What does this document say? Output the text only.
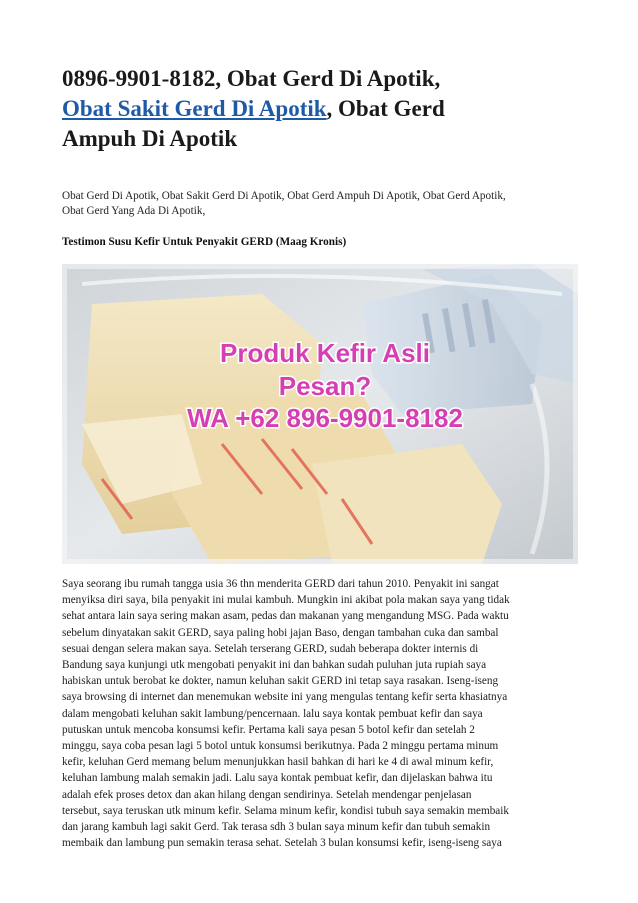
0896-9901-8182, Obat Gerd Di Apotik,
Obat Sakit Gerd Di Apotik, Obat Gerd
Ampuh Di Apotik

Obat Gerd Di Apotik, Obat Sakit Gerd Di Apotik, Obat Gerd Ampuh Di Apotik, Obat Gerd Apotik,
Obat Gerd Yang Ada Di Apotik,

Testimon Susu Kefir Untuk Penyakit GERD (Maag Kronis)

Produk Kefir Asli
Pesan?
WA +62 896-9901-8182

Saya seorang ibu rumah tangga usia 36 thn menderita GERD dari tahun 2010. Penyakit ini sangat
menyiksa diri saya, bila penyakit ini mulai kambuh. Mungkin ini akibat pola makan saya yang tidak
sehat antara lain saya sering makan asam, pedas dan makanan yang mengandung MSG. Pada waktu
sebelum dinyatakan sakit GERD, saya paling hobi jajan Baso, dengan tambahan cuka dan sambal
sesuai dengan selera makan saya. Setelah terserang GERD, sudah beberapa dokter internis di
Bandung saya kunjungi utk mengobati penyakit ini dan bahkan sudah puluhan juta rupiah saya
habiskan untuk berobat ke dokter, namun keluhan sakit GERD ini tetap saya rasakan. Iseng-iseng
saya browsing di internet dan menemukan website ini yang mengulas tentang kefir serta khasiatnya
dalam mengobati keluhan sakit lambung/pencernaan. lalu saya kontak pembuat kefir dan saya
putuskan untuk mencoba konsumsi kefir. Pertama kali saya pesan 5 botol kefir dan setelah 2
minggu, saya coba pesan lagi 5 botol untuk konsumsi berikutnya. Pada 2 minggu pertama minum
kefir, keluhan Gerd memang belum menunjukkan hasil bahkan di hari ke 4 di awal minum kefir,
keluhan lambung malah semakin jadi. Lalu saya kontak pembuat kefir, dan dijelaskan bahwa itu
adalah efek proses detox dan akan hilang dengan sendirinya. Setelah mendengar penjelasan
tersebut, saya teruskan utk minum kefir. Selama minum kefir, kondisi tubuh saya semakin membaik
dan jarang kambuh lagi sakit Gerd. Tak terasa sdh 3 bulan saya minum kefir dan tubuh semakin
membaik dan lambung pun semakin terasa sehat. Setelah 3 bulan konsumsi kefir, iseng-iseng saya
